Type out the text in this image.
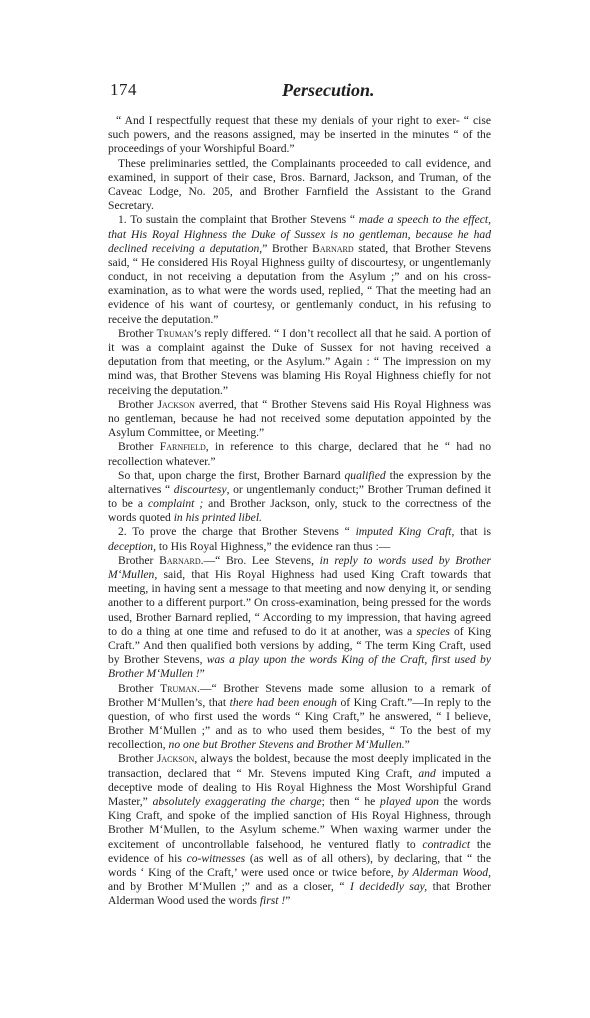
174	Persecution.

“ And I respectfully request that these my denials of your right to exer- “ cise such powers, and the reasons assigned, may be inserted in the minutes “ of the proceedings of your Worshipful Board.”

These preliminaries settled, the Complainants proceeded to call evidence, and examined, in support of their case, Bros. Barnard, Jackson, and Truman, of the Caveac Lodge, No. 205, and Brother Farnfield the Assistant to the Grand Secretary.

1. To sustain the complaint that Brother Stevens “ made a speech to the effect, that His Royal Highness the Duke of Sussex is no gentleman, because he had declined receiving a deputation,” Brother Barnard stated, that Brother Stevens said, “ He considered His Royal Highness guilty of discourtesy, or ungentlemanly conduct, in not receiving a deputation from the Asylum ;” and on his cross-examination, as to what were the words used, replied, “ That the meeting had an evidence of his want of courtesy, or gentlemanly conduct, in his refusing to receive the deputation.”

Brother Truman’s reply differed. “ I don’t recollect all that he said. A portion of it was a complaint against the Duke of Sussex for not having received a deputation from that meeting, or the Asylum.” Again : “ The impression on my mind was, that Brother Stevens was blaming His Royal Highness chiefly for not receiving the deputation.”

Brother Jackson averred, that “ Brother Stevens said His Royal Highness was no gentleman, because he had not received some deputation appointed by the Asylum Committee, or Meeting.”

Brother Farnfield, in reference to this charge, declared that he “ had no recollection whatever.”

So that, upon charge the first, Brother Barnard qualified the expression by the alternatives “ discourtesy, or ungentlemanly conduct;” Brother Truman defined it to be a complaint ; and Brother Jackson, only, stuck to the correctness of the words quoted in his printed libel.

2. To prove the charge that Brother Stevens “ imputed King Craft, that is deception, to His Royal Highness,” the evidence ran thus :—

Brother Barnard.—“ Bro. Lee Stevens, in reply to words used by Brother M‘Mullen, said, that His Royal Highness had used King Craft towards that meeting, in having sent a message to that meeting and now denying it, or sending another to a different purport.” On cross-examination, being pressed for the words used, Brother Barnard replied, “ According to my impression, that having agreed to do a thing at one time and refused to do it at another, was a species of King Craft.” And then qualified both versions by adding, “ The term King Craft, used by Brother Stevens, was a play upon the words King of the Craft, first used by Brother M‘Mullen !”

Brother Truman.—“ Brother Stevens made some allusion to a remark of Brother M‘Mullen’s, that there had been enough of King Craft.”—In reply to the question, of who first used the words “ King Craft,” he answered, “ I believe, Brother M‘Mullen ;” and as to who used them besides, “ To the best of my recollection, no one but Brother Stevens and Brother M‘Mullen.”

Brother Jackson, always the boldest, because the most deeply implicated in the transaction, declared that “ Mr. Stevens imputed King Craft, and imputed a deceptive mode of dealing to His Royal Highness the Most Worshipful Grand Master,” absolutely exaggerating the charge; then “ he played upon the words King Craft, and spoke of the implied sanction of His Royal Highness, through Brother M‘Mullen, to the Asylum scheme.” When waxing warmer under the excitement of uncontrollable falsehood, he ventured flatly to contradict the evidence of his co-witnesses (as well as of all others), by declaring, that “ the words ‘ King of the Craft,’ were used once or twice before, by Alderman Wood, and by Brother M‘Mullen ;” and as a closer, “ I decidedly say, that Brother Alderman Wood used the words first !”
